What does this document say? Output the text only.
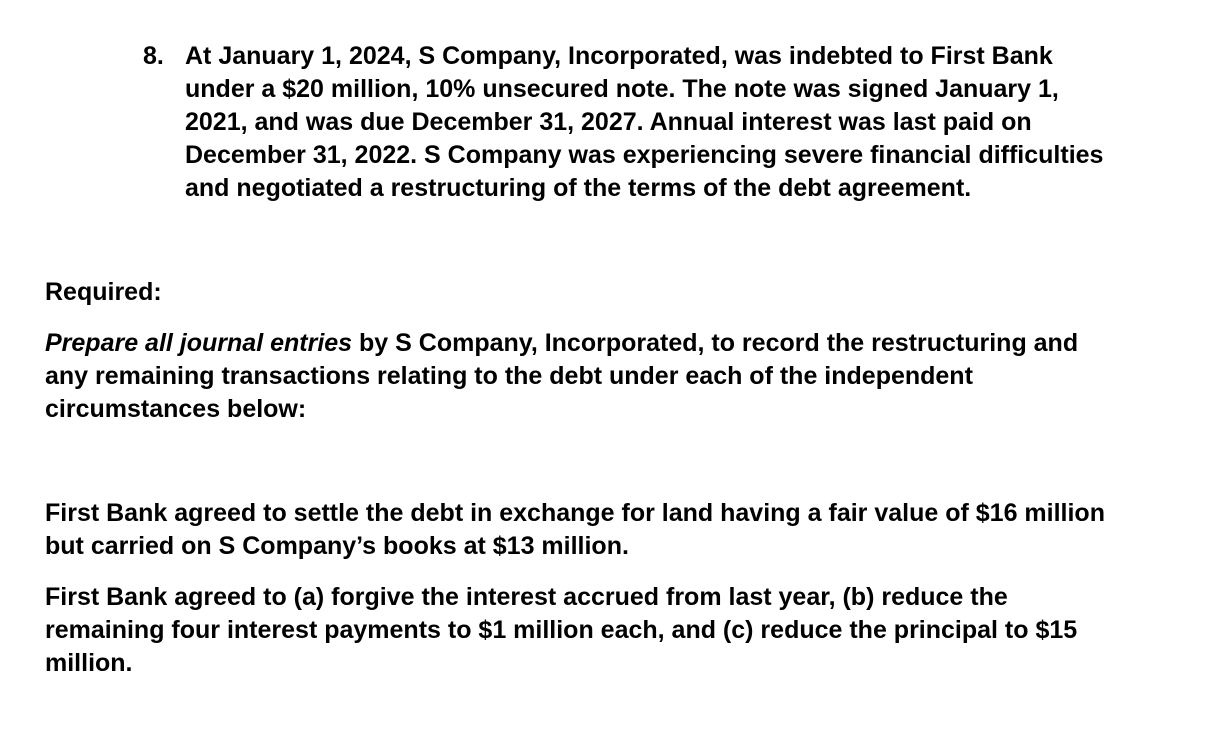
8. At January 1, 2024, S Company, Incorporated, was indebted to First Bank
under a $20 million, 10% unsecured note. The note was signed January 1,
2021, and was due December 31, 2027. Annual interest was last paid on
December 31, 2022. S Company was experiencing severe financial difficulties
and negotiated a restructuring of the terms of the debt agreement.
Required:
Prepare all journal entries by S Company, Incorporated, to record the restructuring and
any remaining transactions relating to the debt under each of the independent
circumstances below:
First Bank agreed to settle the debt in exchange for land having a fair value of $16 million
but carried on S Company’s books at $13 million.
First Bank agreed to (a) forgive the interest accrued from last year, (b) reduce the
remaining four interest payments to $1 million each, and (c) reduce the principal to $15
million.
